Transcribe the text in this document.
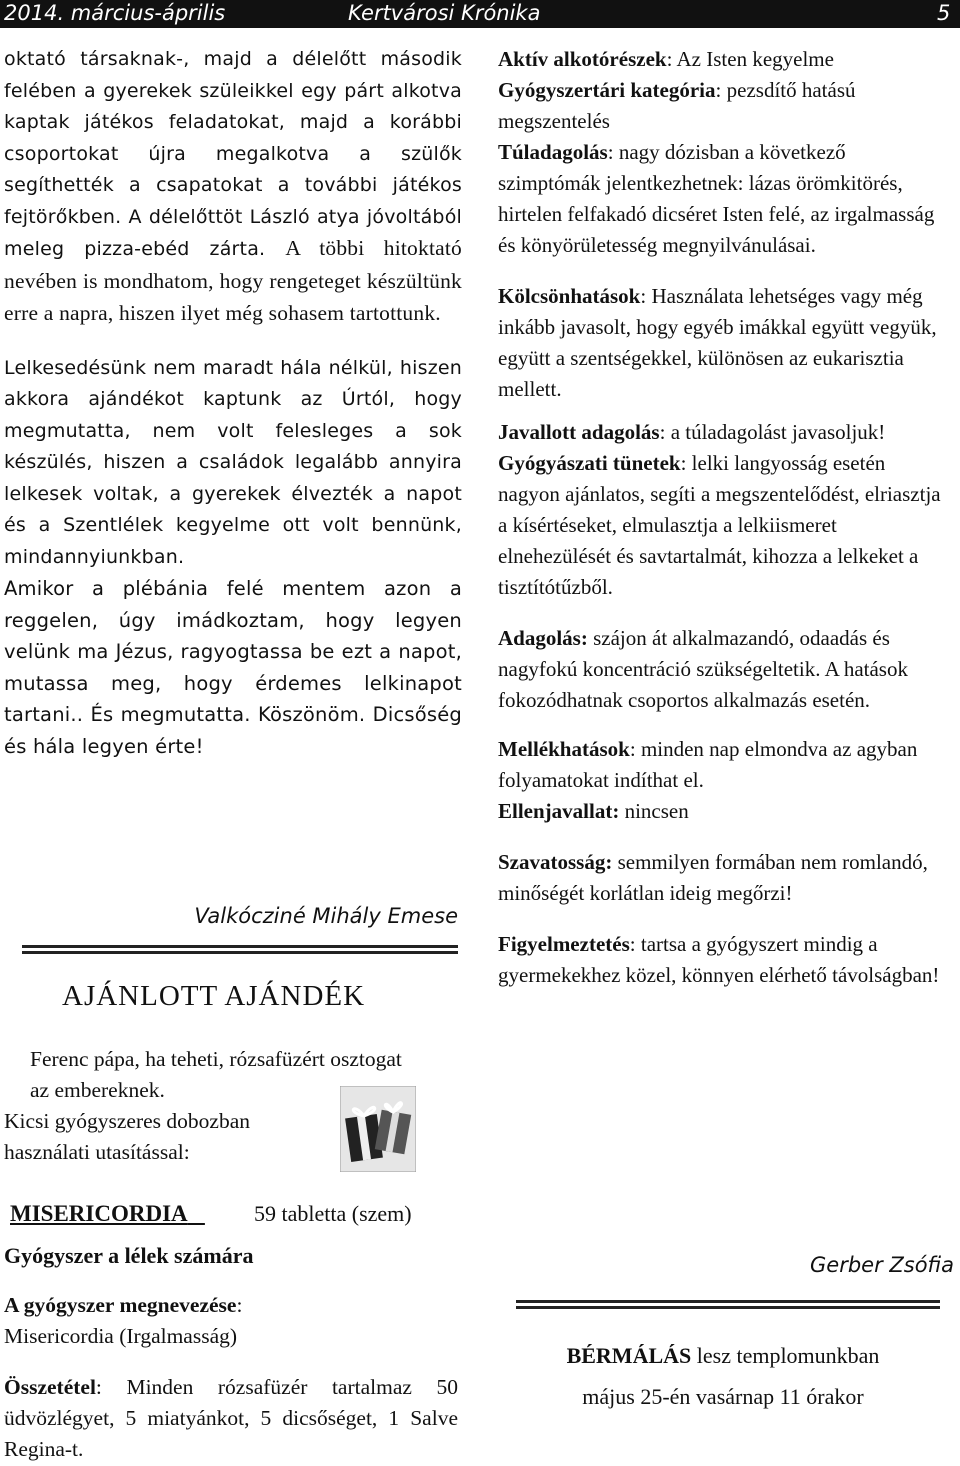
2014. március-április	Kertvárosi Krónika	5

oktató társaknak-, majd a délelőtt második felében a gyerekek szüleikkel egy párt alkotva kaptak játékos feladatokat, majd a korábbi csoportokat újra megalkotva a szülők segíthették a csapatokat a további játékos fejtörőkben. A délelőttöt László atya jóvoltából meleg pizza-ebéd zárta. A többi hitoktató nevében is mondhatom, hogy rengeteget készültünk erre a napra, hiszen ilyet még sohasem tartottunk.

Lelkesedésünk nem maradt hála nélkül, hiszen akkora ajándékot kaptunk az Úrtól, hogy megmutatta, nem volt felesleges a sok készülés, hiszen a családok legalább annyira lelkesek voltak, a gyerekek élvezték a napot és a Szentlélek kegyelme ott volt bennünk, mindannyiunkban.

Amikor a plébánia felé mentem azon a reggelen, úgy imádkoztam, hogy legyen velünk ma Jézus, ragyogtassa be ezt a napot, mutassa meg, hogy érdemes lelkinapot tartani.. És megmutatta. Köszönöm. Dicsőség és hála legyen érte!

Valkócziné Mihály Emese
AJÁNLOTT AJÁNDÉK
Ferenc pápa, ha teheti, rózsafüzért osztogat az embereknek.
Kicsi gyógyszeres dobozban használati utasítással:
MISERICORDIA	59 tabletta (szem)
Gyógyszer a lélek számára
A gyógyszer megnevezése:
Misericordia (Irgalmasság)
Összetétel: Minden rózsafüzér tartalmaz 50 üdvözlégyet, 5 miatyánkot, 5 dicsőséget, 1 Salve Regina-t.
Aktív alkotórészek: Az Isten kegyelme
Gyógyszertári kategória: pezsdítő hatású megszentelés
Túladagolás: nagy dózisban a következő szimptómák jelentkezhetnek: lázas örömkitörés, hirtelen felfakadó dicséret Isten felé, az irgalmasság és könyörületesség megnyilvánulásai.
Kölcsönhatások: Használata lehetséges vagy még inkább javasolt, hogy egyéb imákkal együtt vegyük, együtt a szentségekkel, különösen az eukarisztia mellett.
Javallott adagolás: a túladagolást javasoljuk!
Gyógyászati tünetek: lelki langyosság esetén nagyon ajánlatos, segíti a megszentelődést, elriasztja a kísértéseket, elmulasztja a lelkiismeret elnehezülését és savtartalmát, kihozza a lelkeket a tisztítótűzből.
Adagolás: szájon át alkalmazandó, odaadás és nagyfokú koncentráció szükségeltetik. A hatások fokozódhatnak csoportos alkalmazás esetén.
Mellékhatások: minden nap elmondva az agyban folyamatokat indíthat el.
Ellenjavallat: nincsen
Szavatosság: semmilyen formában nem romlandó, minőségét korlátlan ideig megőrzi!
Figyelmeztetés: tartsa a gyógyszert mindig a gyermekekhez közel, könnyen elérhető távolságban!
Gerber Zsófia
BÉRMÁLÁS lesz templomunkban
május 25-én vasárnap 11 órakor
